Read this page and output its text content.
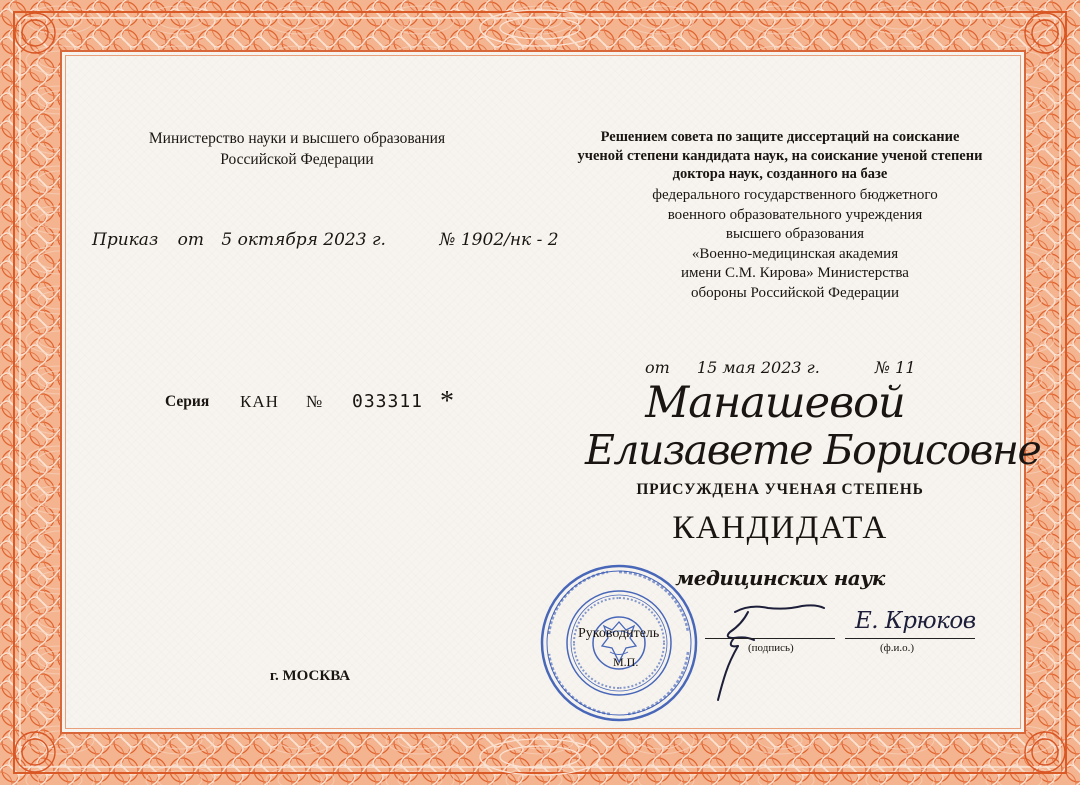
Министерство науки и высшего образования
Российской Федерации
Приказ от 5 октября 2023 г.	№ 1902/нк - 2
Серия КАН № 033311 *
г. МОСКВА
Решением совета по защите диссертаций на соискание
ученой степени кандидата наук, на соискание ученой степени
доктора наук, созданного на базе
федерального государственного бюджетного
военного образовательного учреждения
высшего образования
«Военно-медицинская академия
имени С.М. Кирова» Министерства
обороны Российской Федерации
от 15 мая 2023 г.	№ 11
Манашевой
Елизавете Борисовне
ПРИСУЖДЕНА УЧЕНАЯ СТЕПЕНЬ
КАНДИДАТА
медицинских наук
Руководитель
М.П.
Е. Крюков
(подпись)	(ф.и.о.)
